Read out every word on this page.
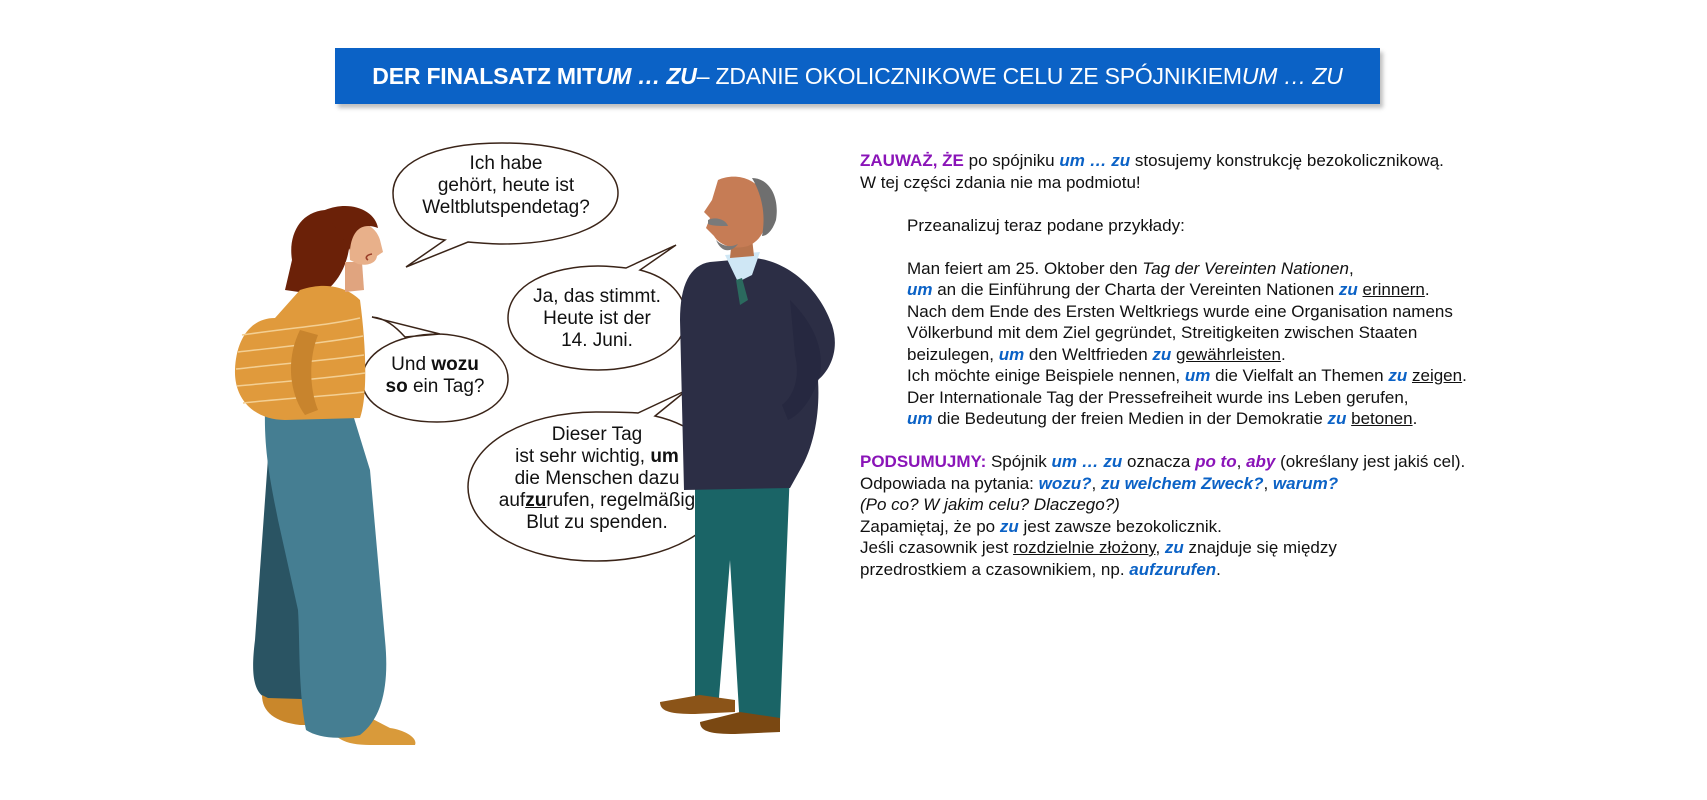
DER FINALSATZ MIT UM … ZU – ZDANIE OKOLICZNIKOWE CELU ZE SPÓJNIKIEM UM … ZU
Ich habe
gehört, heute ist
Weltblutspendetag?
Ja, das stimmt.
Heute ist der
14. Juni.
Und wozu
so ein Tag?
Dieser Tag
ist sehr wichtig, um
die Menschen dazu
aufzurufen, regelmäßig
Blut zu spenden.

ZAUWAŻ, ŻE po spójniku um … zu stosujemy konstrukcję bezokolicznikową.

W tej części zdania nie ma podmiotu!

Przeanalizuj teraz podane przykłady:

Man feiert am 25. Oktober den Tag der Vereinten Nationen,

um an die Einführung der Charta der Vereinten Nationen zu erinnern.

Nach dem Ende des Ersten Weltkriegs wurde eine Organisation namens

Völkerbund mit dem Ziel gegründet, Streitigkeiten zwischen Staaten

beizulegen, um den Weltfrieden zu gewährleisten.

Ich möchte einige Beispiele nennen, um die Vielfalt an Themen zu zeigen.

Der Internationale Tag der Pressefreiheit wurde ins Leben gerufen,

um die Bedeutung der freien Medien in der Demokratie zu betonen.

PODSUMUJMY: Spójnik um … zu oznacza po to, aby (określany jest jakiś cel).

Odpowiada na pytania: wozu?, zu welchem Zweck?, warum?

(Po co? W jakim celu? Dlaczego?)

Zapamiętaj, że po zu jest zawsze bezokolicznik.

Jeśli czasownik jest rozdzielnie złożony, zu znajduje się między

przedrostkiem a czasownikiem, np. aufzurufen.
